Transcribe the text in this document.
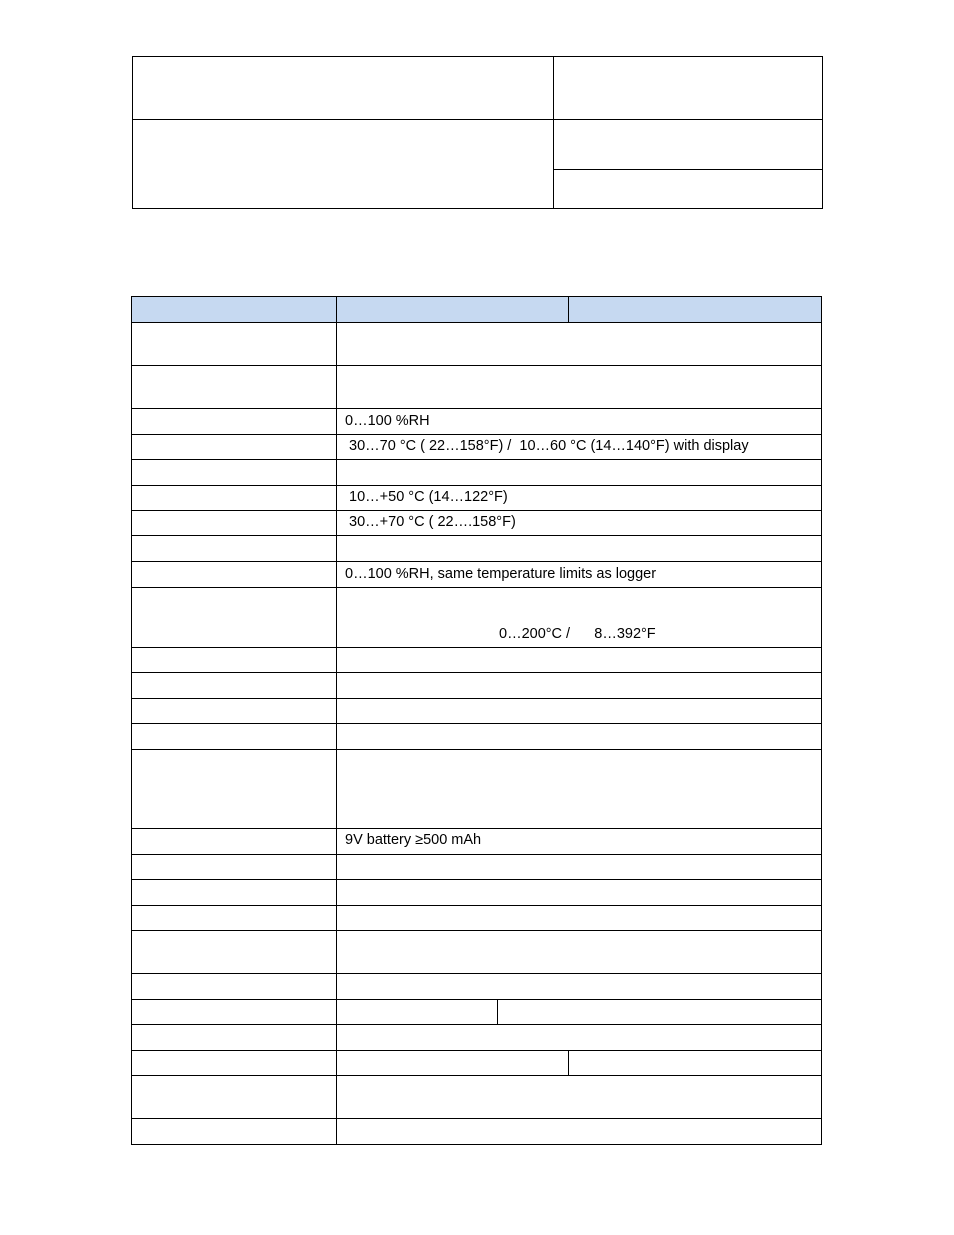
0…100 %RH
30…70 °C ( 22…158°F) /  10…60 °C (14…140°F) with display
10…+50 °C (14…122°F)
30…+70 °C ( 22….158°F)
0…100 %RH, same temperature limits as logger
0…200°C /      8…392°F
9V battery ≥500 mAh
